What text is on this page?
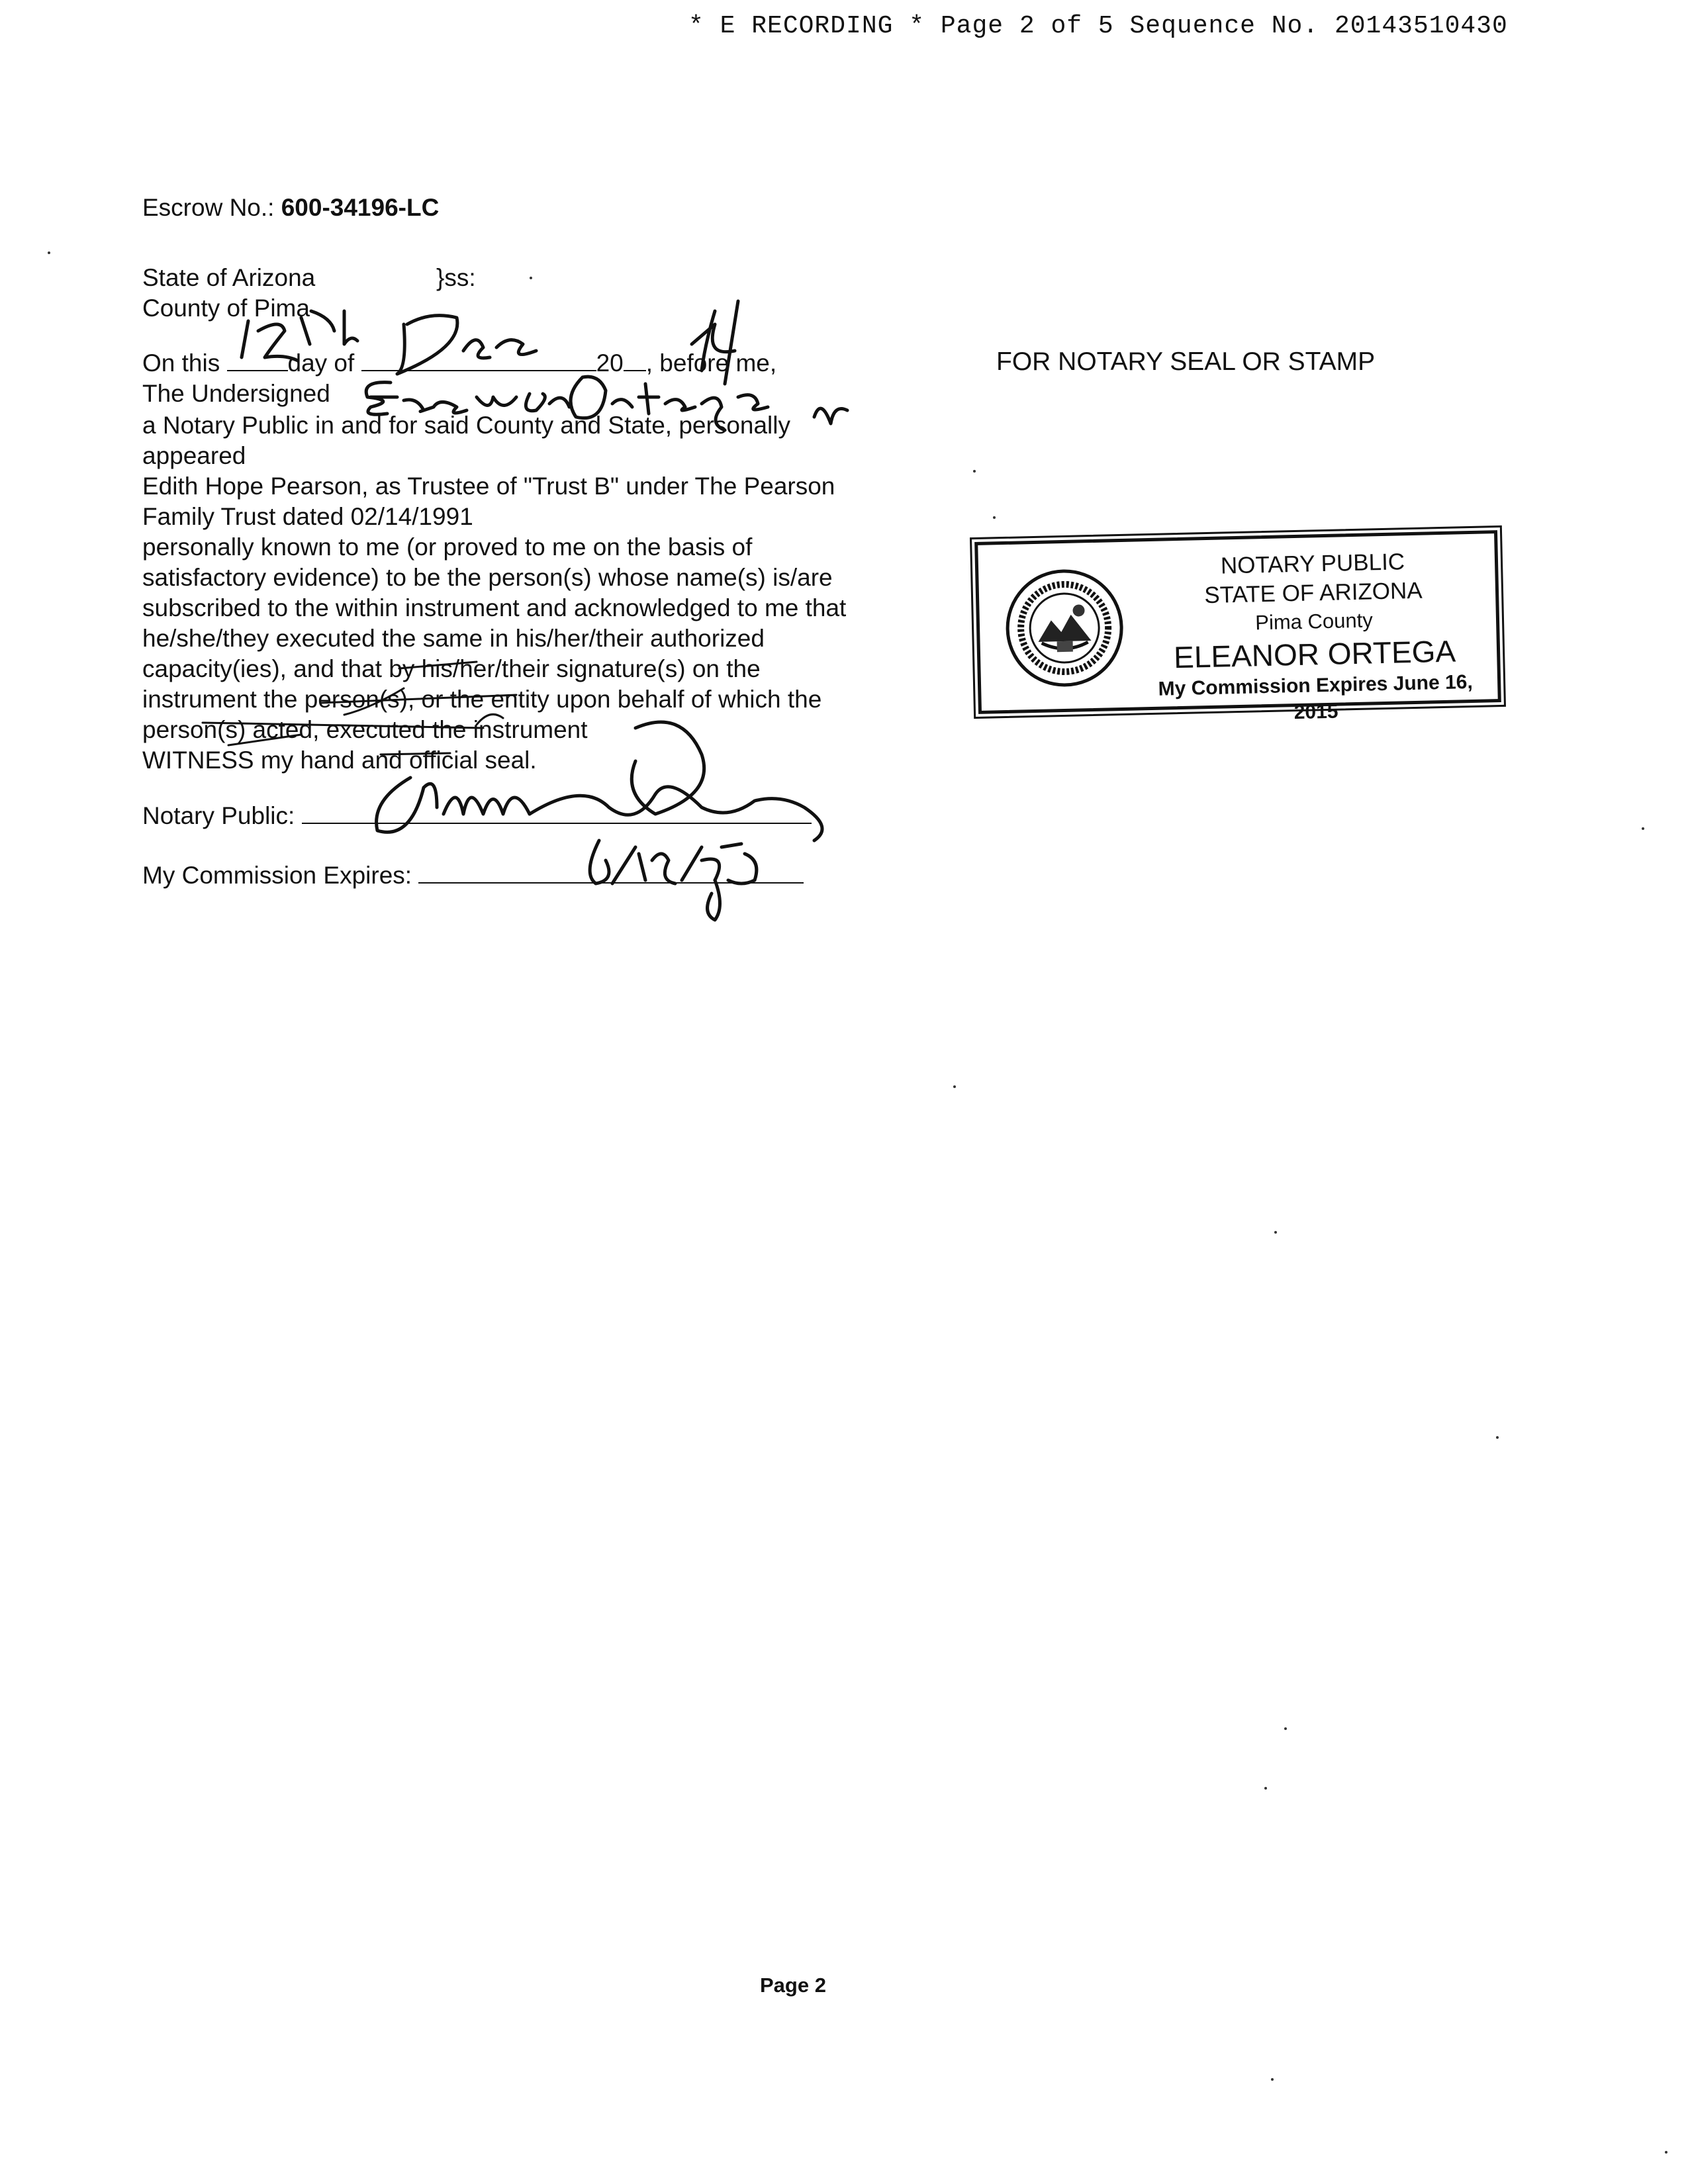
* E RECORDING * Page 2 of 5 Sequence No. 20143510430
Escrow No.: 600-34196-LC
State of Arizona
County of Pima
}ss:
On this	day of	20 , before me,
The Undersigned

a Notary Public in and for said County and State, personally

appeared

Edith Hope Pearson, as Trustee of "Trust B" under The Pearson

Family Trust dated 02/14/1991

personally known to me (or proved to me on the basis of

satisfactory evidence) to be the person(s) whose name(s) is/are

subscribed to the within instrument and acknowledged to me that

he/she/they executed the same in his/her/their authorized

capacity(ies), and that by his/her/their signature(s) on the

instrument the person(s), or the entity upon behalf of which the

person(s) acted, executed the instrument

WITNESS my hand and official seal.

Notary Public:
My Commission Expires:
FOR NOTARY SEAL OR STAMP
NOTARY PUBLIC
STATE OF ARIZONA
Pima County
ELEANOR ORTEGA
My Commission Expires June 16, 2015
Page 2
